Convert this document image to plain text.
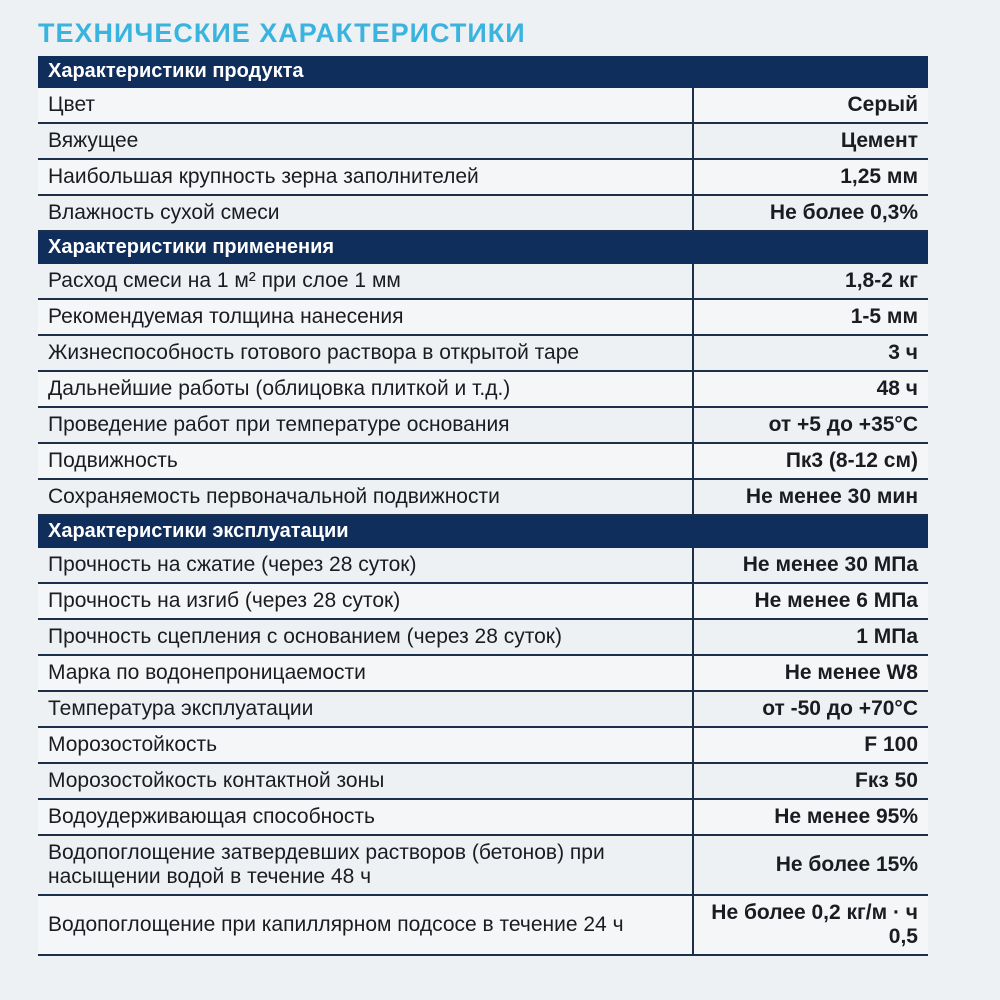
ТЕХНИЧЕСКИЕ ХАРАКТЕРИСТИКИ
Характеристики продукта	
Цвет	Серый
Вяжущее	Цемент
Наибольшая крупность зерна заполнителей	1,25 мм
Влажность сухой смеси	Не более 0,3%
Характеристики применения	
Расход смеси на 1 м² при слое 1 мм	1,8-2 кг
Рекомендуемая толщина нанесения	1-5 мм
Жизнеспособность готового раствора в открытой таре	3 ч
Дальнейшие работы (облицовка плиткой и т.д.)	48 ч
Проведение работ при температуре основания	от +5 до +35°С
Подвижность	Пк3 (8-12 см)
Сохраняемость первоначальной подвижности	Не менее 30 мин
Характеристики эксплуатации	
Прочность на сжатие (через 28 суток)	Не менее 30 МПа
Прочность на изгиб (через 28 суток)	Не менее 6 МПа
Прочность сцепления с основанием (через 28 суток)	1 МПа
Марка по водонепроницаемости	Не менее W8
Температура эксплуатации	от -50 до +70°С
Морозостойкость	F 100
Морозостойкость контактной зоны	Fкз 50
Водоудерживающая способность	Не менее 95%
Водопоглощение затвердевших растворов (бетонов) при насыщении водой в течение 48 ч	Не более 15%
Водопоглощение при капиллярном подсосе в течение 24 ч	Не более 0,2 кг/м · ч 0,5
